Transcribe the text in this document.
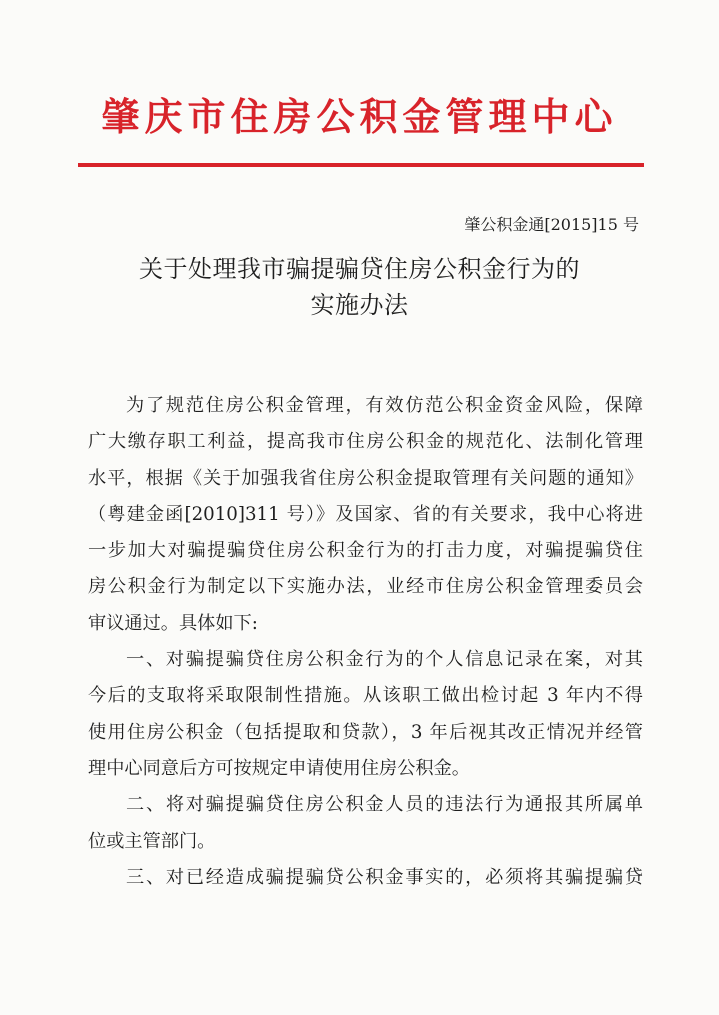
肇庆市住房公积金管理中心
肇公积金通[2015]15 号
关于处理我市骗提骗贷住房公积金行为的
实施办法
为了规范住房公积金管理，有效仿范公积金资金风险，保障
广大缴存职工利益，提高我市住房公积金的规范化、法制化管理
水平，根据《关于加强我省住房公积金提取管理有关问题的通知》
（粤建金函[2010]311 号）》及国家、省的有关要求，我中心将进
一步加大对骗提骗贷住房公积金行为的打击力度，对骗提骗贷住
房公积金行为制定以下实施办法，业经市住房公积金管理委员会
审议通过。具体如下:
一、对骗提骗贷住房公积金行为的个人信息记录在案，对其
今后的支取将采取限制性措施。从该职工做出检讨起 3 年内不得
使用住房公积金（包括提取和贷款），3 年后视其改正情况并经管
理中心同意后方可按规定申请使用住房公积金。
二、将对骗提骗贷住房公积金人员的违法行为通报其所属单
位或主管部门。
三、对已经造成骗提骗贷公积金事实的，必须将其骗提骗贷
